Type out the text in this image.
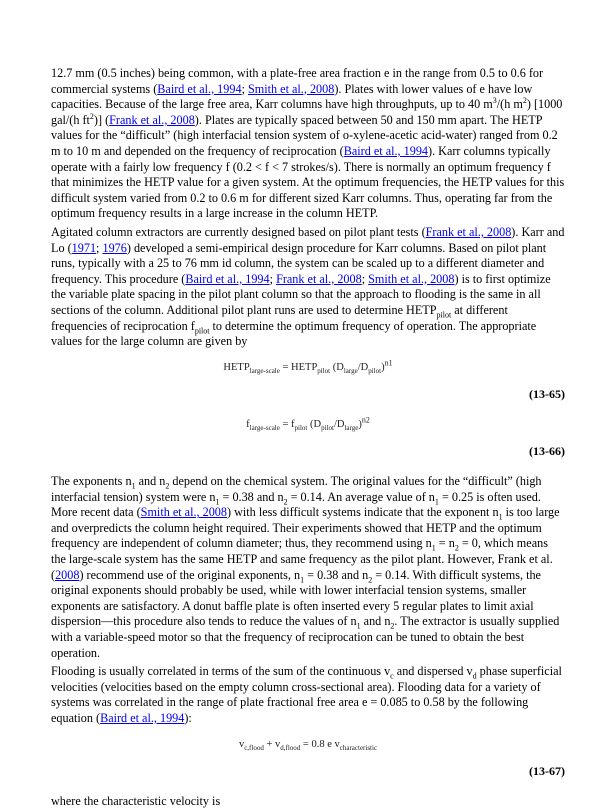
12.7 mm (0.5 inches) being common, with a plate-free area fraction e in the range from 0.5 to 0.6 for commercial systems (Baird et al., 1994; Smith et al., 2008). Plates with lower values of e have low capacities. Because of the large free area, Karr columns have high throughputs, up to 40 $m^3/(h$ $m^2$) [1000 gal/(h $ft^2$)] (Frank et al., 2008). Plates are typically spaced between 50 and 150 mm apart. The HETP values for the “difficult” (high interfacial tension system of o-xylene-acetic acid-water) ranged from 0.2 m to 10 m and depended on the frequency of reciprocation (Baird et al., 1994). Karr columns typically operate with a fairly low frequency f (0.2 < f < 7 strokes/s). There is normally an optimum frequency f that minimizes the HETP value for a given system. At the optimum frequencies, the HETP values for this difficult system varied from 0.2 to 0.6 m for different sized Karr columns. Thus, operating far from the optimum frequency results in a large increase in the column HETP.

Agitated column extractors are currently designed based on pilot plant tests (Frank et al., 2008). Karr and Lo (1971; 1976) developed a semi-empirical design procedure for Karr columns. Based on pilot plant runs, typically with a 25 to 76 mm id column, the system can be scaled up to a different diameter and frequency. This procedure (Baird et al., 1994; Frank et al., 2008; Smith et al., 2008) is to first optimize the variable plate spacing in the pilot plant column so that the approach to flooding is the same in all sections of the column. Additional pilot plant runs are used to determine $HETP_{pilot}$ at different frequencies of reciprocation $f_{pilot}$ to determine the optimum frequency of operation. The appropriate values for the large column are given by

$HETP_{large-scale}$ = $HETP_{pilot}$ $(D_{large}/D_{pilot})^{n1}$
(13-65)
$f_{large-scale} = f_{pilot}$ $(D_{pilot}/D_{large})^{n2}$
(13-66)

The exponents $n_1$ and $n_2$ depend on the chemical system. The original values for the “difficult” (high interfacial tension) system were $n_1 = 0.38$ and $n_2 = 0.14$. An average value of $n_1 = 0.25$ is often used. More recent data (Smith et al., 2008) with less difficult systems indicate that the exponent $n_1$ is too large and overpredicts the column height required. Their experiments showed that HETP and the optimum frequency are independent of column diameter; thus, they recommend using $n_1 = n_2 = 0$, which means the large-scale system has the same HETP and same frequency as the pilot plant. However, Frank et al. (2008) recommend use of the original exponents, $n_1 = 0.38$ and $n_2 = 0.14$. With difficult systems, the original exponents should probably be used, while with lower interfacial tension systems, smaller exponents are satisfactory. A donut baffle plate is often inserted every 5 regular plates to limit axial dispersion—this procedure also tends to reduce the values of $n_1$ and $n_2$. The extractor is usually supplied with a variable-speed motor so that the frequency of reciprocation can be tuned to obtain the best operation.

Flooding is usually correlated in terms of the sum of the continuous $v_c$ and dispersed $v_d$ phase superficial velocities (velocities based on the empty column cross-sectional area). Flooding data for a variety of systems was correlated in the range of plate fractional free area e = 0.085 to 0.58 by the following equation (Baird et al., 1994):

$v_{c,flood} + v_{d,flood} = 0.8$ e $v_{characteristic}$
(13-67)

where the characteristic velocity is
